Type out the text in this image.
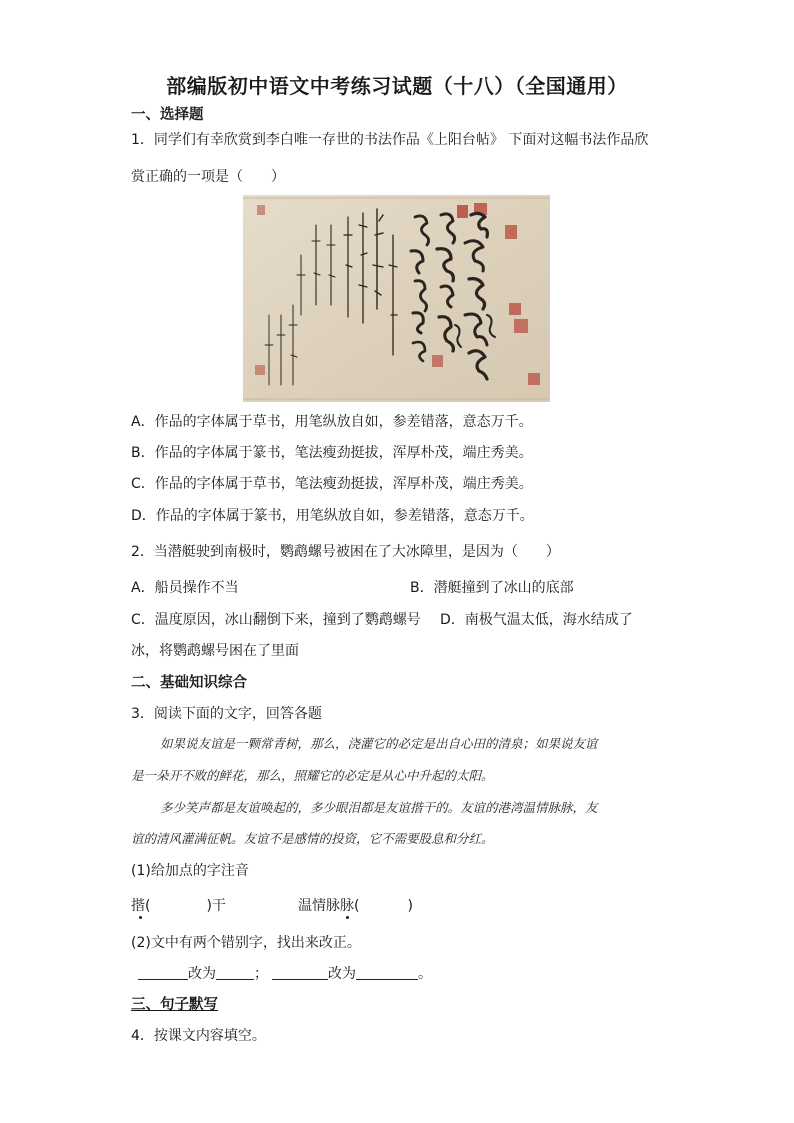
部编版初中语文中考练习试题（十八）（全国通用）
一、选择题
1．同学们有幸欣赏到李白唯一存世的书法作品《上阳台帖》 下面对这幅书法作品欣
赏正确的一项是（　　）
A．作品的字体属于草书，用笔纵放自如，参差错落，意态万千。
B．作品的字体属于篆书，笔法瘦劲挺拔，浑厚朴茂，端庄秀美。
C．作品的字体属于草书，笔法瘦劲挺拔，浑厚朴茂，端庄秀美。
D．作品的字体属于篆书，用笔纵放自如，参差错落，意态万千。
2．当潜艇驶到南极时，鹦鹉螺号被困在了大冰障里，是因为（　　）
A．船员操作不当	B．潜艇撞到了冰山的底部
C．温度原因，冰山翻倒下来，撞到了鹦鹉螺号 D．南极气温太低，海水结成了
冰，将鹦鹉螺号困在了里面
二、基础知识综合
3．阅读下面的文字，回答各题
如果说友谊是一颗常青树，那么，浇灌它的必定是出自心田的清泉；如果说友谊
是一朵开不败的鲜花，那么，照耀它的必定是从心中升起的太阳。
多少笑声都是友谊唤起的，多少眼泪都是友谊揩干的。友谊的港湾温情脉脉，友
谊的清风灌满征帆。友谊不是感情的投资，它不需要股息和分红。
(1)给加点的字注音
揩(	)干	温情脉脉(	)
(2)文中有两个错别字，找出来改正。
改为	；	改为	。
三、句子默写
4．按课文内容填空。
